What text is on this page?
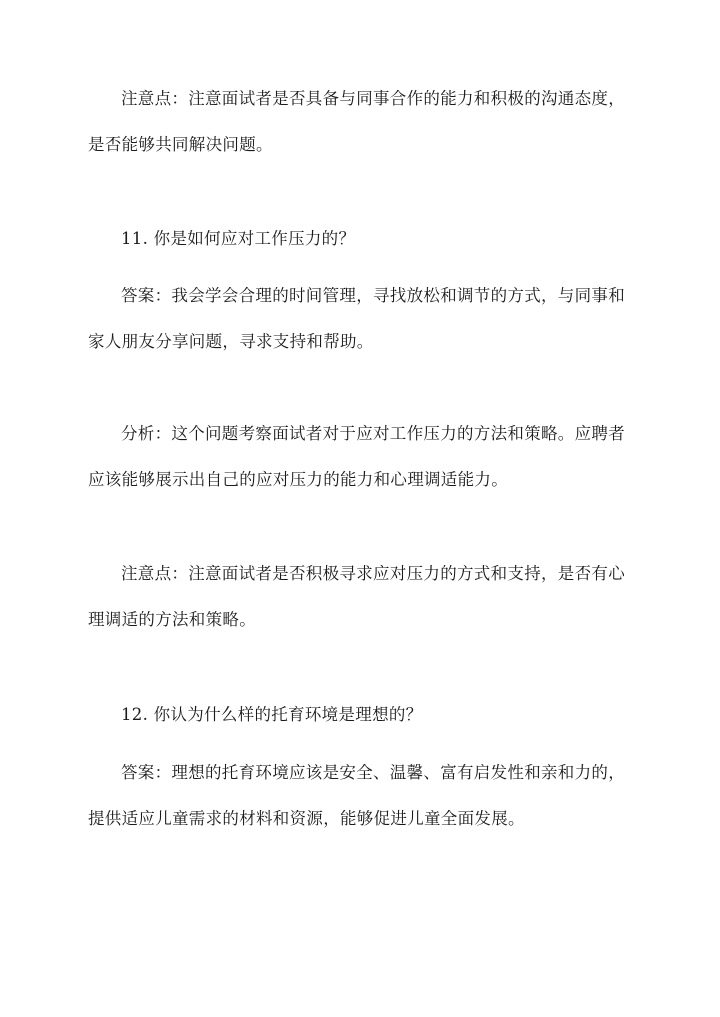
注意点：注意面试者是否具备与同事合作的能力和积极的沟通态度，
是否能够共同解决问题。

11. 你是如何应对工作压力的？

答案：我会学会合理的时间管理，寻找放松和调节的方式，与同事和
家人朋友分享问题，寻求支持和帮助。

分析：这个问题考察面试者对于应对工作压力的方法和策略。应聘者
应该能够展示出自己的应对压力的能力和心理调适能力。

注意点：注意面试者是否积极寻求应对压力的方式和支持，是否有心
理调适的方法和策略。

12. 你认为什么样的托育环境是理想的？

答案：理想的托育环境应该是安全、温馨、富有启发性和亲和力的，
提供适应儿童需求的材料和资源，能够促进儿童全面发展。
